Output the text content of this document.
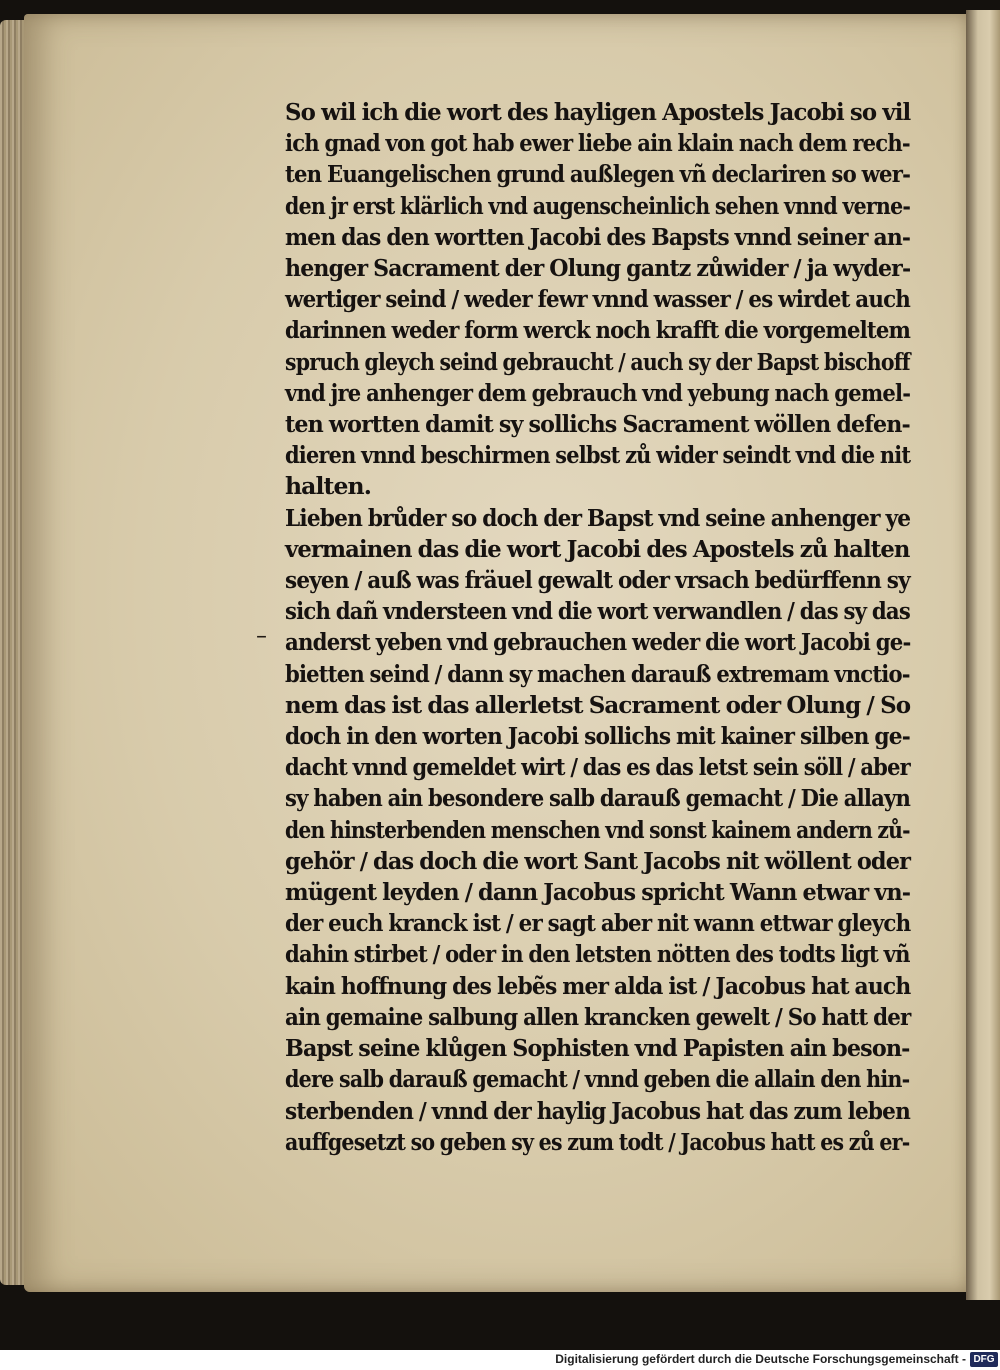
–
So wil ich die wort des hayligen Apostels Jacobi so vil
ich gnad von got hab ewer liebe ain klain nach dem rech-
ten Euangelischen grund außlegen vñ declariren so wer-
den jr erst klärlich vnd augenscheinlich sehen vnnd verne-
men das den wortten Jacobi des Bapsts vnnd seiner an-
henger Sacrament der Olung gantz zůwider / ja wyder-
wertiger seind / weder fewr vnnd wasser / es wirdet auch
darinnen weder form werck noch krafft die vorgemeltem
spruch gleych seind gebraucht / auch sy der Bapst bischoff
vnd jre anhenger dem gebrauch vnd yebung nach gemel-
ten wortten damit sy sollichs Sacrament wöllen defen-
dieren vnnd beschirmen selbst zů wider seindt vnd die nit
halten.
Lieben brůder so doch der Bapst vnd seine anhenger ye
vermainen das die wort Jacobi des Apostels zů halten
seyen / auß was fräuel gewalt oder vrsach bedürffenn sy
sich dañ vndersteen vnd die wort verwandlen / das sy das
anderst yeben vnd gebrauchen weder die wort Jacobi ge-
bietten seind / dann sy machen darauß extremam vnctio-
nem das ist das allerletst Sacrament oder Olung / So
doch in den worten Jacobi sollichs mit kainer silben ge-
dacht vnnd gemeldet wirt / das es das letst sein söll / aber
sy haben ain besondere salb darauß gemacht / Die allayn
den hinsterbenden menschen vnd sonst kainem andern zů-
gehör / das doch die wort Sant Jacobs nit wöllent oder
mügent leyden / dann Jacobus spricht Wann etwar vn-
der euch kranck ist / er sagt aber nit wann ettwar gleych
dahin stirbet / oder in den letsten nötten des todts ligt vñ
kain hoffnung des lebẽs mer alda ist / Jacobus hat auch
ain gemaine salbung allen krancken gewelt / So hatt der
Bapst seine klůgen Sophisten vnd Papisten ain beson-
dere salb darauß gemacht / vnnd geben die allain den hin-
sterbenden / vnnd der haylig Jacobus hat das zum leben
auffgesetzt so geben sy es zum todt / Jacobus hatt es zů er-
Digitalisierung gefördert durch die Deutsche Forschungsgemeinschaft - DFG
